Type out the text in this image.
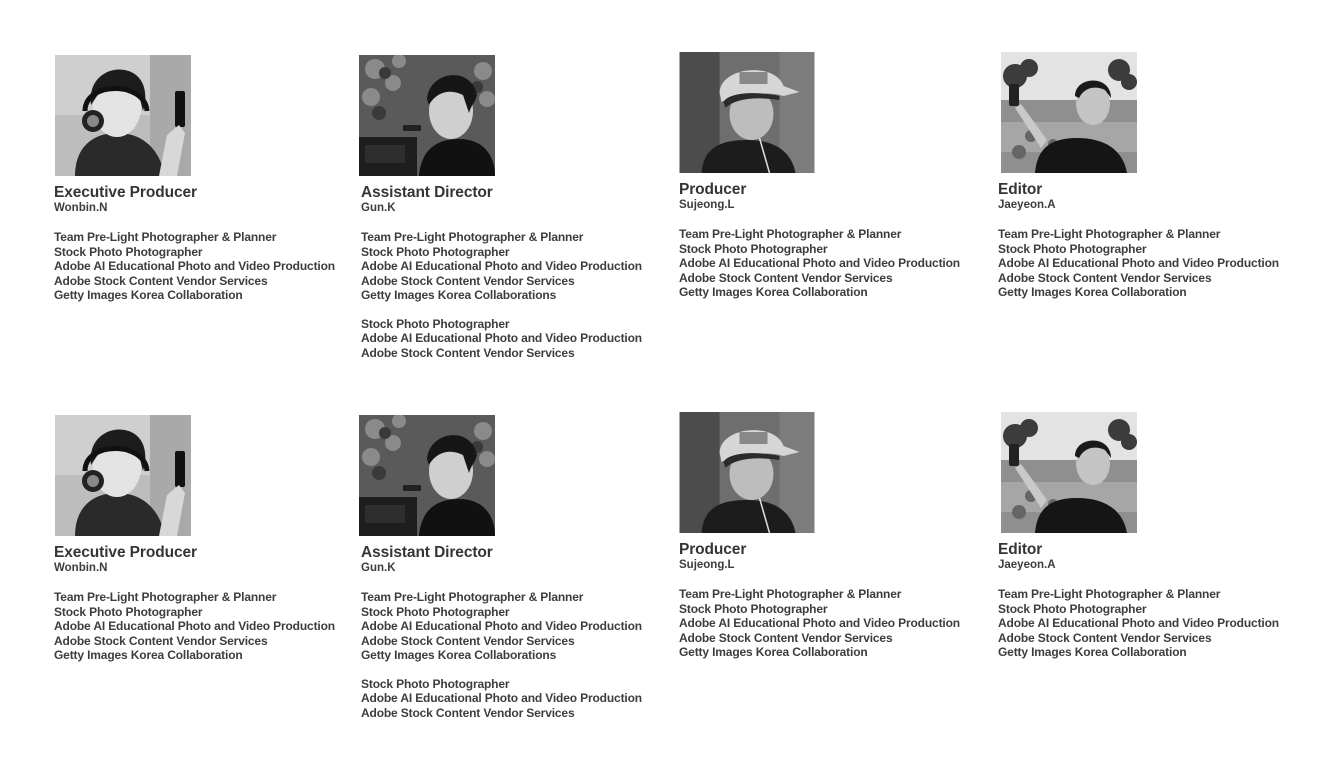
Executive Producer
Wonbin.N
Team Pre-Light Photographer & Planner
Stock Photo Photographer
Adobe AI Educational Photo and Video Production
Adobe Stock Content Vendor Services
Getty Images Korea Collaboration
Assistant Director
Gun.K
Team Pre-Light Photographer & Planner
Stock Photo Photographer
Adobe AI Educational Photo and Video Production
Adobe Stock Content Vendor Services
Getty Images Korea Collaborations
Stock Photo Photographer
Adobe AI Educational Photo and Video Production
Adobe Stock Content Vendor Services
Producer
Sujeong.L
Team Pre-Light Photographer & Planner
Stock Photo Photographer
Adobe AI Educational Photo and Video Production
Adobe Stock Content Vendor Services
Getty Images Korea Collaboration
Editor
Jaeyeon.A
Team Pre-Light Photographer & Planner
Stock Photo Photographer
Adobe AI Educational Photo and Video Production
Adobe Stock Content Vendor Services
Getty Images Korea Collaboration
Executive Producer
Wonbin.N
Team Pre-Light Photographer & Planner
Stock Photo Photographer
Adobe AI Educational Photo and Video Production
Adobe Stock Content Vendor Services
Getty Images Korea Collaboration
Assistant Director
Gun.K
Team Pre-Light Photographer & Planner
Stock Photo Photographer
Adobe AI Educational Photo and Video Production
Adobe Stock Content Vendor Services
Getty Images Korea Collaborations
Stock Photo Photographer
Adobe AI Educational Photo and Video Production
Adobe Stock Content Vendor Services
Producer
Sujeong.L
Team Pre-Light Photographer & Planner
Stock Photo Photographer
Adobe AI Educational Photo and Video Production
Adobe Stock Content Vendor Services
Getty Images Korea Collaboration
Editor
Jaeyeon.A
Team Pre-Light Photographer & Planner
Stock Photo Photographer
Adobe AI Educational Photo and Video Production
Adobe Stock Content Vendor Services
Getty Images Korea Collaboration
